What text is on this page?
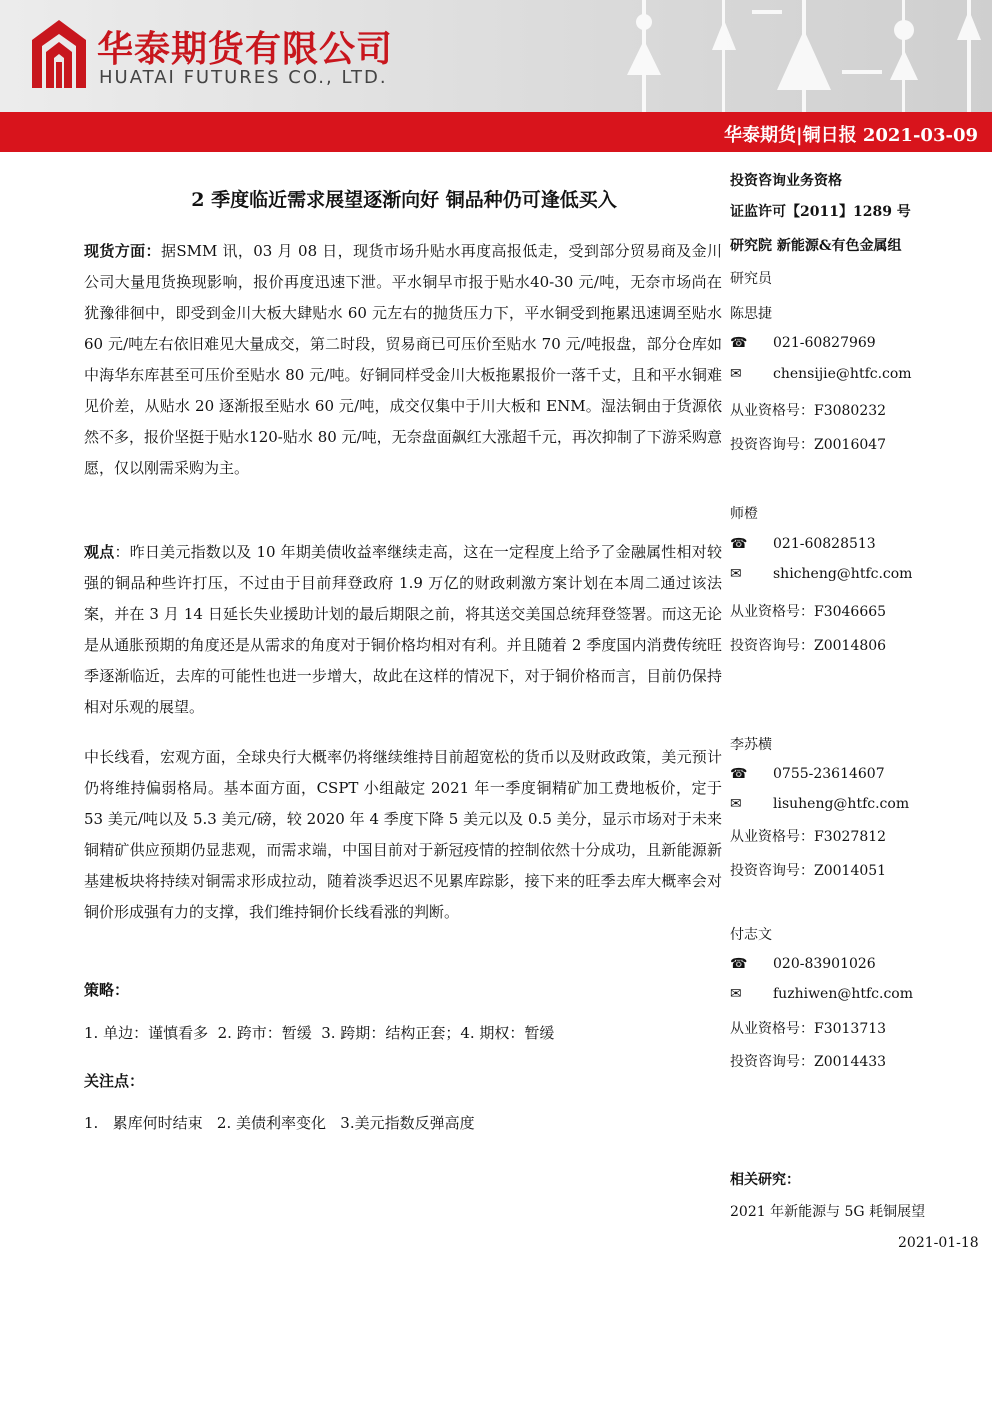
华泰期货有限公司
HUATAI FUTURES CO., LTD.
华泰期货|铜日报 2021-03-09
2 季度临近需求展望逐渐向好 铜品种仍可逢低买入
现货方面：据SMM 讯，03 月 08 日，现货市场升贴水再度高报低走，受到部分贸易商及金川公司大量甩货换现影响，报价再度迅速下泄。平水铜早市报于贴水40-30 元/吨，无奈市场尚在犹豫徘徊中，即受到金川大板大肆贴水 60 元左右的抛货压力下，平水铜受到拖累迅速调至贴水 60 元/吨左右依旧难见大量成交，第二时段，贸易商已可压价至贴水 70 元/吨报盘，部分仓库如中海华东库甚至可压价至贴水 80 元/吨。好铜同样受金川大板拖累报价一落千丈，且和平水铜难见价差，从贴水 20 逐渐报至贴水 60 元/吨，成交仅集中于川大板和 ENM。湿法铜由于货源依然不多，报价坚挺于贴水120-贴水 80 元/吨，无奈盘面飙红大涨超千元，再次抑制了下游采购意愿，仅以刚需采购为主。
观点：昨日美元指数以及 10 年期美债收益率继续走高，这在一定程度上给予了金融属性相对较强的铜品种些许打压，不过由于目前拜登政府 1.9 万亿的财政刺激方案计划在本周二通过该法案，并在 3 月 14 日延长失业援助计划的最后期限之前，将其送交美国总统拜登签署。而这无论是从通胀预期的角度还是从需求的角度对于铜价格均相对有利。并且随着 2 季度国内消费传统旺季逐渐临近，去库的可能性也进一步增大，故此在这样的情况下，对于铜价格而言，目前仍保持相对乐观的展望。
中长线看，宏观方面，全球央行大概率仍将继续维持目前超宽松的货币以及财政政策，美元预计仍将维持偏弱格局。基本面方面，CSPT 小组敲定 2021 年一季度铜精矿加工费地板价，定于 53 美元/吨以及 5.3 美元/磅，较 2020 年 4 季度下降 5 美元以及 0.5 美分，显示市场对于未来铜精矿供应预期仍显悲观，而需求端，中国目前对于新冠疫情的控制依然十分成功，且新能源新基建板块将持续对铜需求形成拉动，随着淡季迟迟不见累库踪影，接下来的旺季去库大概率会对铜价形成强有力的支撑，我们维持铜价长线看涨的判断。
策略：
1. 单边：谨慎看多  2. 跨市：暂缓  3. 跨期：结构正套；4. 期权：暂缓
关注点：
1.   累库何时结束   2. 美债利率变化   3.美元指数反弹高度
投资咨询业务资格
证监许可【2011】1289 号
研究院 新能源&有色金属组
研究员
陈思捷
☎ 021-60827969
✉ chensijie@htfc.com
从业资格号：F3080232
投资咨询号：Z0016047
师橙
☎ 021-60828513
✉ shicheng@htfc.com
从业资格号：F3046665
投资咨询号：Z0014806
李苏横
☎ 0755-23614607
✉ lisuheng@htfc.com
从业资格号：F3027812
投资咨询号：Z0014051
付志文
☎ 020-83901026
✉ fuzhiwen@htfc.com
从业资格号：F3013713
投资咨询号：Z0014433
相关研究：
2021 年新能源与 5G 耗铜展望
2021-01-18
